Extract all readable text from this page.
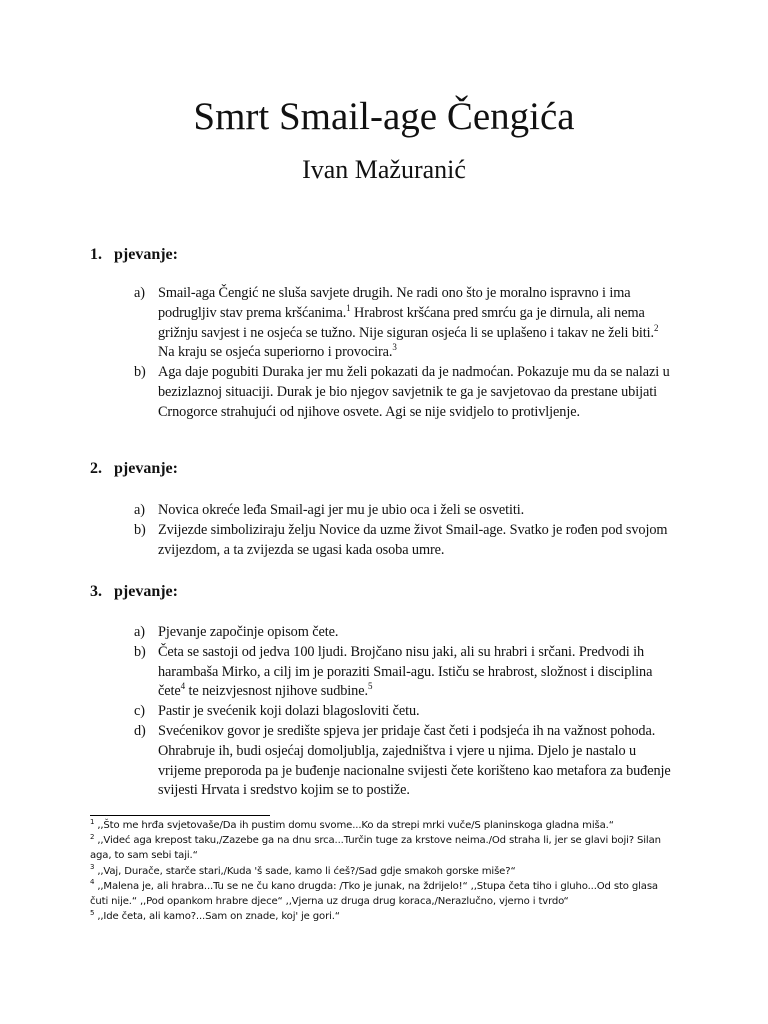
Smrt Smail-age Čengića
Ivan Mažuranić
1. pjevanje:
a) Smail-aga Čengić ne sluša savjete drugih. Ne radi ono što je moralno ispravno i ima podrugljiv stav prema kršćanima.$^1$ Hrabrost kršćana pred smrću ga je dirnula, ali nema grižnju savjest i ne osjeća se tužno. Nije siguran osjeća li se uplašeno i takav ne želi biti.$^2$ Na kraju se osjeća superiorno i provocira.$^3$
b) Aga daje pogubiti Duraka jer mu želi pokazati da je nadmoćan. Pokazuje mu da se nalazi u bezizlaznoj situaciji. Durak je bio njegov savjetnik te ga je savjetovao da prestane ubijati Crnogorce strahujući od njihove osvete. Agi se nije svidjelo to protivljenje.
2. pjevanje:
a) Novica okreće leđa Smail-agi jer mu je ubio oca i želi se osvetiti.
b) Zvijezde simboliziraju želju Novice da uzme život Smail-age. Svatko je rođen pod svojom zvijezdom, a ta zvijezda se ugasi kada osoba umre.
3. pjevanje:
a) Pjevanje započinje opisom čete.
b) Četa se sastoji od jedva 100 ljudi. Brojčano nisu jaki, ali su hrabri i srčani. Predvodi ih harambaša Mirko, a cilj im je poraziti Smail-agu. Ističu se hrabrost, složnost i disciplina čete$^4$ te neizvjesnost njihove sudbine.$^5$
c) Pastir je svećenik koji dolazi blagosloviti četu.
d) Svećenikov govor je središte spjeva jer pridaje čast četi i podsjeća ih na važnost pohoda. Ohrabruje ih, budi osjećaj domoljublja, zajedništva i vjere u njima. Djelo je nastalo u vrijeme preporoda pa je buđenje nacionalne svijesti čete korišteno kao metafora za buđenje svijesti Hrvata i sredstvo kojim se to postiže.
$^1$ ,,Što me hrđa svjetovaše/Da ih pustim domu svome...Ko da strepi mrki vuče/S planinskoga gladna miša.“
$^2$ ,,Videć aga krepost taku,/Zazebe ga na dnu srca...Turčin tuge za krstove neima./Od straha li, jer se glavi boji? Silan aga, to sam sebi taji.“
$^3$ ,,Vaj, Durače, starče stari,/Kuda 'š sade, kamo li ćeš?/Sad gdje smakoh gorske miše?“
$^4$ ,,Malena je, ali hrabra...Tu se ne ču kano drugda: /Tko je junak, na ždrijelo!“ ,,Stupa četa tiho i gluho...Od sto glasa čuti nije.“ ,,Pod opankom hrabre djece“ ,,Vjerna uz druga drug koraca,/Nerazlučno, vjerno i tvrdo“
$^5$ ,,Ide četa, ali kamo?...Sam on znade, koj' je gori.“
